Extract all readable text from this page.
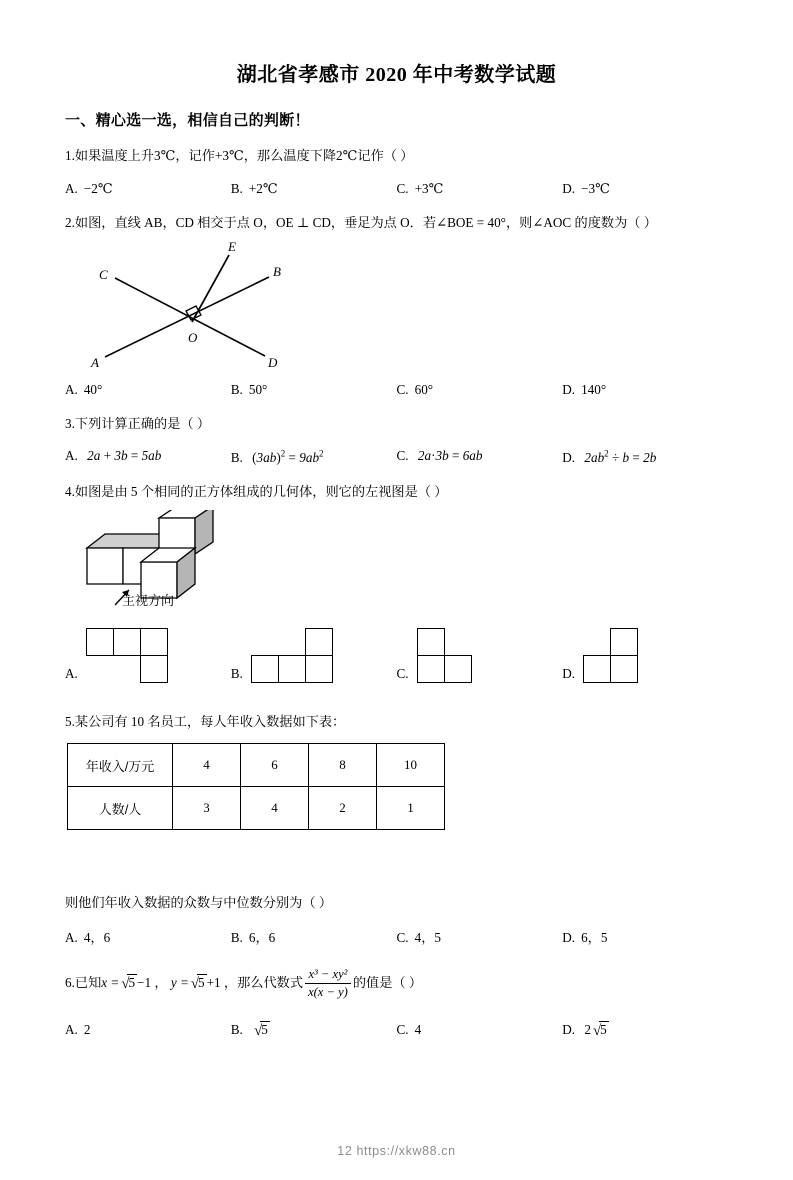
湖北省孝感市 2020 年中考数学试题
一、精心选一选，相信自己的判断！
1.如果温度上升3℃，记作+3℃，那么温度下降2℃记作（ ）
A. −2℃	B. +2℃	C. +3℃	D. −3℃
2.如图，直线 AB，CD 相交于点 O，OE ⊥ CD，垂足为点 O．若∠BOE = 40°，则∠AOC 的度数为（ ）
E
C	B
O
A	D
A. 40°	B. 50°	C. 60°	D. 140°
3.下列计算正确的是（ ）
A. 2a + 3b = 5ab	B. $(3ab)^2 = 9ab^2$	C. 2a·3b = 6ab	D. $2ab^2 \div b = 2b$
4.如图是由 5 个相同的正方体组成的几何体，则它的左视图是（ ）
主视方向
A.	B.	C.	D.
5.某公司有 10 名员工，每人年收入数据如下表：
年收入/万元	4	6	8	10
人数/人	3	4	2	1
则他们年收入数据的众数与中位数分别为（ ）
A. 4，6	B. 6，6	C. 4，5	D. 6，5
6.已知x = √5 −1 ， y = √5 +1 ，那么代数式 $\frac{\text{x³ − xy²}}{x(x - y)}$ 的值是（ ）
A. 2	B. √5	C. 4	D. 2 √5
12 https://xkw88.cn
